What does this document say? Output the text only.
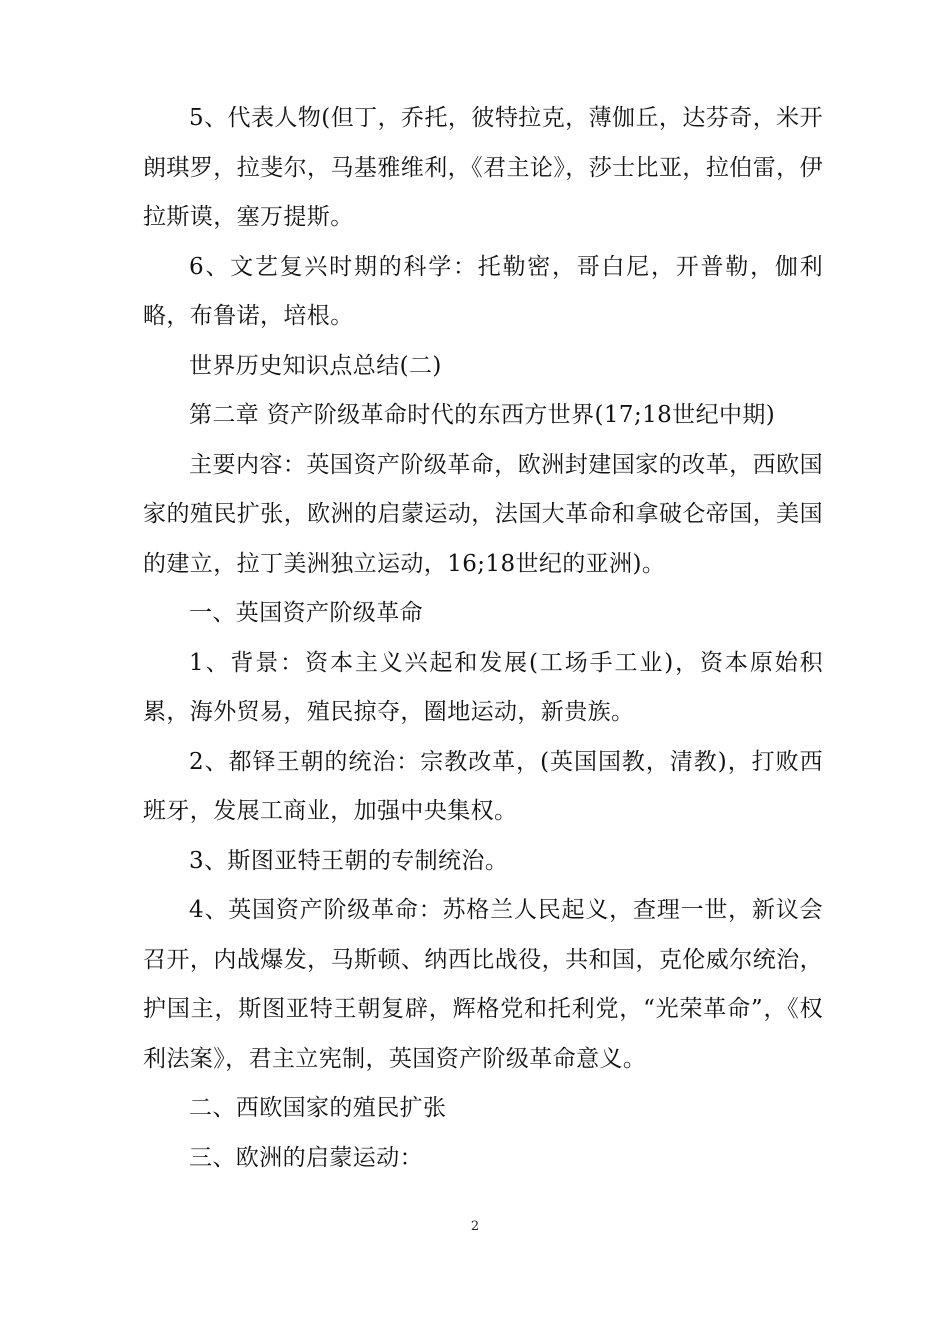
5、代表人物(但丁，乔托，彼特拉克，薄伽丘，达芬奇，米开朗琪罗，拉斐尔，马基雅维利，《君主论》，莎士比亚，拉伯雷，伊拉斯谟，塞万提斯。

6、文艺复兴时期的科学：托勒密，哥白尼，开普勒，伽利略，布鲁诺，培根。

世界历史知识点总结(二)

第二章 资产阶级革命时代的东西方世界(17;18世纪中期)

主要内容：英国资产阶级革命，欧洲封建国家的改革，西欧国家的殖民扩张，欧洲的启蒙运动，法国大革命和拿破仑帝国，美国的建立，拉丁美洲独立运动，16;18世纪的亚洲)。

一、英国资产阶级革命

1、背景：资本主义兴起和发展(工场手工业)，资本原始积累，海外贸易，殖民掠夺，圈地运动，新贵族。

2、都铎王朝的统治：宗教改革，(英国国教，清教)，打败西班牙，发展工商业，加强中央集权。

3、斯图亚特王朝的专制统治。

4、英国资产阶级革命：苏格兰人民起义，查理一世，新议会召开，内战爆发，马斯顿、纳西比战役，共和国，克伦威尔统治，护国主，斯图亚特王朝复辟，辉格党和托利党，“光荣革命”，《权利法案》，君主立宪制，英国资产阶级革命意义。

二、西欧国家的殖民扩张

三、欧洲的启蒙运动：

2
